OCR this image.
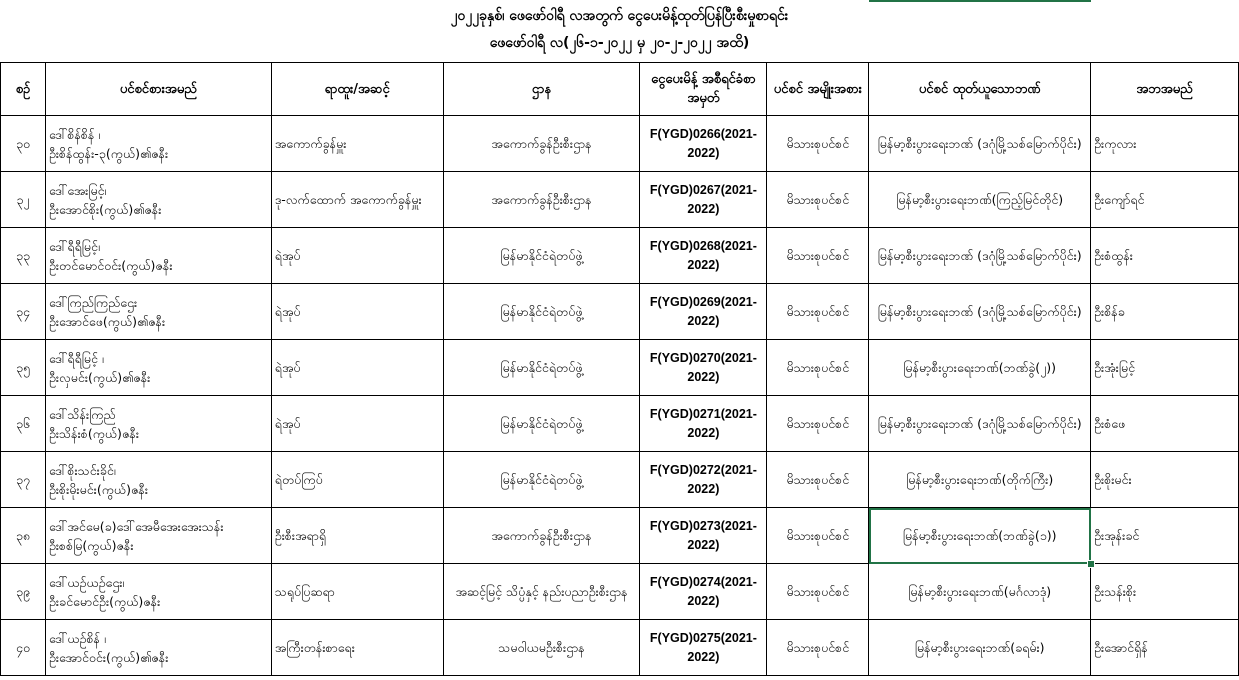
၂၀၂၂ခုနှစ်၊ ဖေဖော်ဝါရီ လအတွက် ငွေပေးမိန့်ထုတ်ပြန်ပြီးစီးမှုစာရင်း
ဖေဖော်ဝါရီ လ(၂၆-၁-၂၀၂၂ မှ ၂၀-၂-၂၀၂၂ အထိ)
စဉ်	ပင်စင်စားအမည်	ရာထူး/အဆင့်	ဌာန	ငွေပေးမိန့် အစီရင်ခံစာအမှတ်	ပင်စင် အမျိုးအစား	ပင်စင် ထုတ်ယူသောဘဏ်	အဘအမည်
၃၀	ဒေါ်စိန်စိန် ၊
ဦးစိန်ထွန်း-၃(ကွယ်)၏ဇနီး	အကောက်ခွန်မှူး	အကောက်ခွန်ဦးစီးဌာန	F(YGD)0266(2021-2022)	မိသားစုပင်စင်	မြန်မာ့စီးပွားရေးဘဏ် (ဒဂုံမြို့သစ်မြောက်ပိုင်း)	ဦးကုလား
၃၂	ဒေါ်အေးမြင့်၊
ဦးအောင်စိုး(ကွယ်)၏ဇနီး	ဒု-လက်ထောက် အကောက်ခွန်မှူး	အကောက်ခွန်ဦးစီးဌာန	F(YGD)0267(2021-2022)	မိသားစုပင်စင်	မြန်မာ့စီးပွားရေးဘဏ်(ကြည့်မြင်တိုင်)	ဦးကျော်ရင်
၃၃	ဒေါ်ရီရီမြင့်၊
ဦးတင်မောင်ဝင်း(ကွယ်)ဇနီး	ရဲအုပ်	မြန်မာနိုင်ငံရဲတပ်ဖွဲ့	F(YGD)0268(2021-2022)	မိသားစုပင်စင်	မြန်မာ့စီးပွားရေးဘဏ် (ဒဂုံမြို့သစ်မြောက်ပိုင်း)	ဦးစံထွန်း
၃၄	ဒေါ်ကြည်ကြည်ဌေး
ဦးအောင်ဖေ(ကွယ်)၏ဇနီး	ရဲအုပ်	မြန်မာနိုင်ငံရဲတပ်ဖွဲ့	F(YGD)0269(2021-2022)	မိသားစုပင်စင်	မြန်မာ့စီးပွားရေးဘဏ် (ဒဂုံမြို့သစ်မြောက်ပိုင်း)	ဦးစိန်ခ
၃၅	ဒေါ်ရီရီမြင့် ၊
ဦးလှမင်း(ကွယ်)၏ဇနီး	ရဲအုပ်	မြန်မာနိုင်ငံရဲတပ်ဖွဲ့	F(YGD)0270(2021-2022)	မိသားစုပင်စင်	မြန်မာ့စီးပွားရေးဘဏ်(ဘဏ်ခွဲ(၂))	ဦးအုံးမြင့်
၃၆	ဒေါ်သိန်းကြည်
ဦးသိန်းစံ(ကွယ်)ဇနီး	ရဲအုပ်	မြန်မာနိုင်ငံရဲတပ်ဖွဲ့	F(YGD)0271(2021-2022)	မိသားစုပင်စင်	မြန်မာ့စီးပွားရေးဘဏ် (ဒဂုံမြို့သစ်မြောက်ပိုင်း)	ဦးစံဖေ
၃၇	ဒေါ်စိုးသင်းခိုင်၊
ဦးစိုးမိုးမင်း(ကွယ်)ဇနီး	ရဲတပ်ကြပ်	မြန်မာနိုင်ငံရဲတပ်ဖွဲ့	F(YGD)0272(2021-2022)	မိသားစုပင်စင်	မြန်မာ့စီးပွားရေးဘဏ်(တိုက်ကြီး)	ဦးစိုးမင်း
၃၈	ဒေါ်အင်မေ(ခ)ဒေါ်အေမီအေးအေးသန်း
ဦးစစ်မြ(ကွယ်)ဇနီး	ဦးစီးအရာရှိ	အကောက်ခွန်ဦးစီးဌာန	F(YGD)0273(2021-2022)	မိသားစုပင်စင်	မြန်မာ့စီးပွားရေးဘဏ်(ဘဏ်ခွဲ(၁))	ဦးအုန်းခင်
၃၉	ဒေါ်ယဉ်ယဉ်ဌေး၊
ဦးခင်မောင်ဦး(ကွယ်)ဇနီး	သရုပ်ပြဆရာ	အဆင့်မြင့် သိပ္ပံနှင့် နည်းပညာဦးစီးဌာန	F(YGD)0274(2021-2022)	မိသားစုပင်စင်	မြန်မာ့စီးပွားရေးဘဏ်(မင်္ဂလာဒုံ)	ဦးသန်းစိုး
၄၀	ဒေါ်ယဉ်စိန် ၊
ဦးအောင်ဝင်း(ကွယ်)၏ဇနီး	အကြီးတန်းစာရေး	သမဝါယမဦးစီးဌာန	F(YGD)0275(2021-2022)	မိသားစုပင်စင်	မြန်မာ့စီးပွားရေးဘဏ်(ခရမ်း)	ဦးအောင်ရှိန်
